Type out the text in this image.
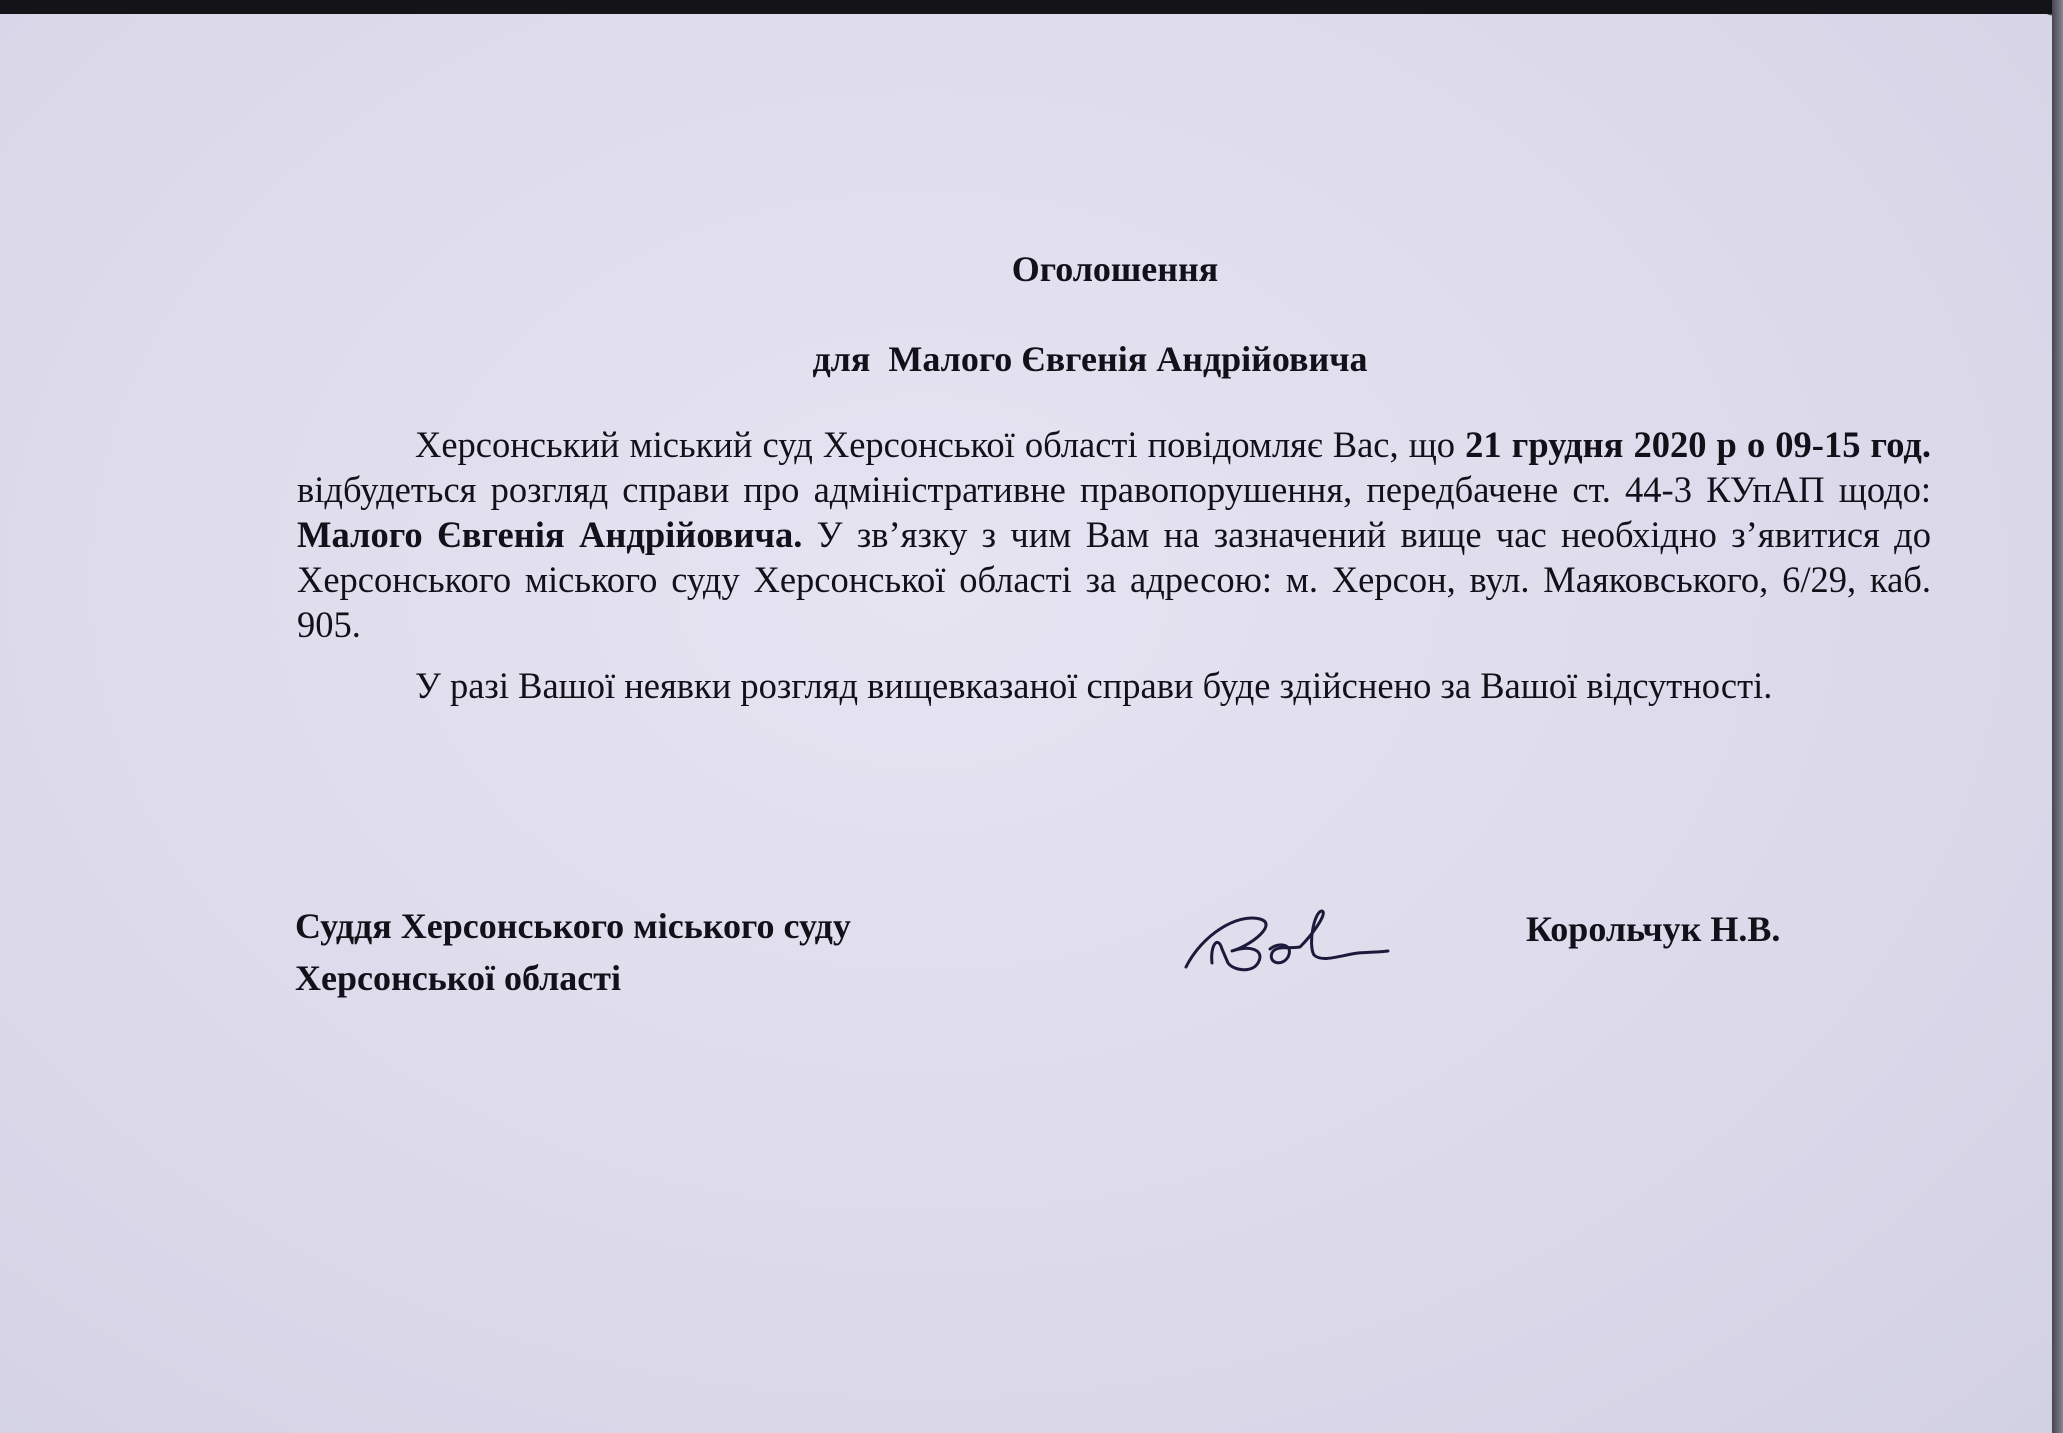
Оголошення
для  Малого Євгенія Андрійовича

Херсонський міський суд Херсонської області повідомляє Вас, що 21 грудня 2020 р о 09-15 год. відбудеться розгляд справи про адміністративне правопорушення, передбачене ст. 44-3 КУпАП щодо: Малого Євгенія Андрійовича. У зв’язку з чим Вам на зазначений вище час необхідно з’явитися до Херсонського міського суду Херсонської області за адресою: м. Херсон, вул. Маяковського, 6/29, каб. 905.

У разі Вашої неявки розгляд вищевказаної справи буде здійснено за Вашої відсутності.

Суддя Херсонського міського суду
Херсонської області
Корольчук Н.В.
